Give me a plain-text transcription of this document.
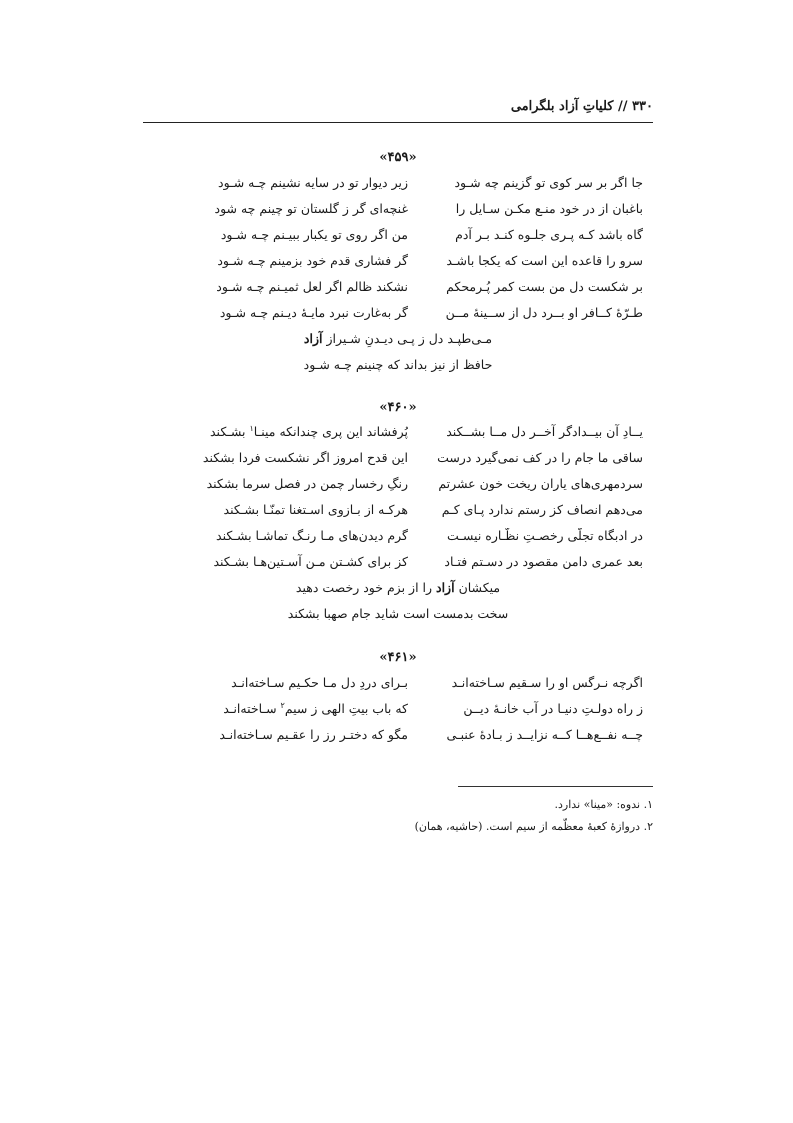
۳۳۰ // کلیاتِ آزاد بلگرامی
«۴۵۹»
جا اگر بر سر کوی تو گزینم چه شـود
زیر دیوار تو در سایه نشینم چـه شـود
باغبان از درِ خود منـع مکـن سـایل را
غنچه‌ای گر ز گلستان تو چینم چه شود
گاه باشد کـه پـری جلـوه کنـد بـر آدم
من اگر روی تو یکبار ببیـنم چـه شـود
سرو را قاعده این است که یکجا باشـد
گر فشاری قدم خود بزمینم چـه شـود
بر شکست دل من بست کمر پُـرمحکم
نشکند ظالم اگر لعل ثمیـنم چـه شـود
طـرّهٔ کــافر او بــرد دل از ســینهٔ مــن
گر به‌غارت نبرد مایـهٔ دیـنم چـه شـود
مـی‌طپـد دل ز پـی دیـدنِ شـیراز آزاد
حافظ از نیز بداند که چنینم چـه شـود
«۴۶۰»
یــادِ آن بیــدادگر آخــر دلِ مــا بشــکند
پُرفشاند این پری چندانکه مینـا$^۱$ بشـکند
ساقی ما جام را در کف نمی‌گیرد درست
این قدح امروز اگر نشکست فردا بشکند
سردمهری‌های یاران ریخت خون عشرتم
رنگِ رخسار چمن در فصل سرما بشکند
می‌دهم انصاف کز رستم ندارد پـای کـم
هرکـه از بـازوی اسـتغنا تمنّـا بشـکند
در ادبگاه تجلّی رخصـتِ نظّـاره نیسـت
گرم دیدن‌های مـا رنـگ تماشـا بشـکند
بعد عمری دامن مقصود در دسـتم فتـاد
کز برای کشـتن مـن آسـتین‌هـا بشـکند
میکشان آزاد را از بزم خود رخصت دهید
سخت بدمست است شاید جام صهبا بشکند
«۴۶۱»
اگرچه نـرگس او را سـقیم سـاخته‌انـد
بـرای دردِ دل مـا حکـیم سـاخته‌انـد
ز راه دولـتِ دنیـا در آب خانـهٔ دیــن
که باب بیتِ الهی ز سیم$^۲$ سـاخته‌انـد
چــه نفــع‌هــا کــه نزایــد ز بـادهٔ عنبـی
مگو که دختـر رز را عقـیم سـاخته‌انـد
۱. ندوه: «مینا» ندارد.
۲. دروازهٔ کعبهٔ معظّمه از سیم است. (حاشیه، همان)
